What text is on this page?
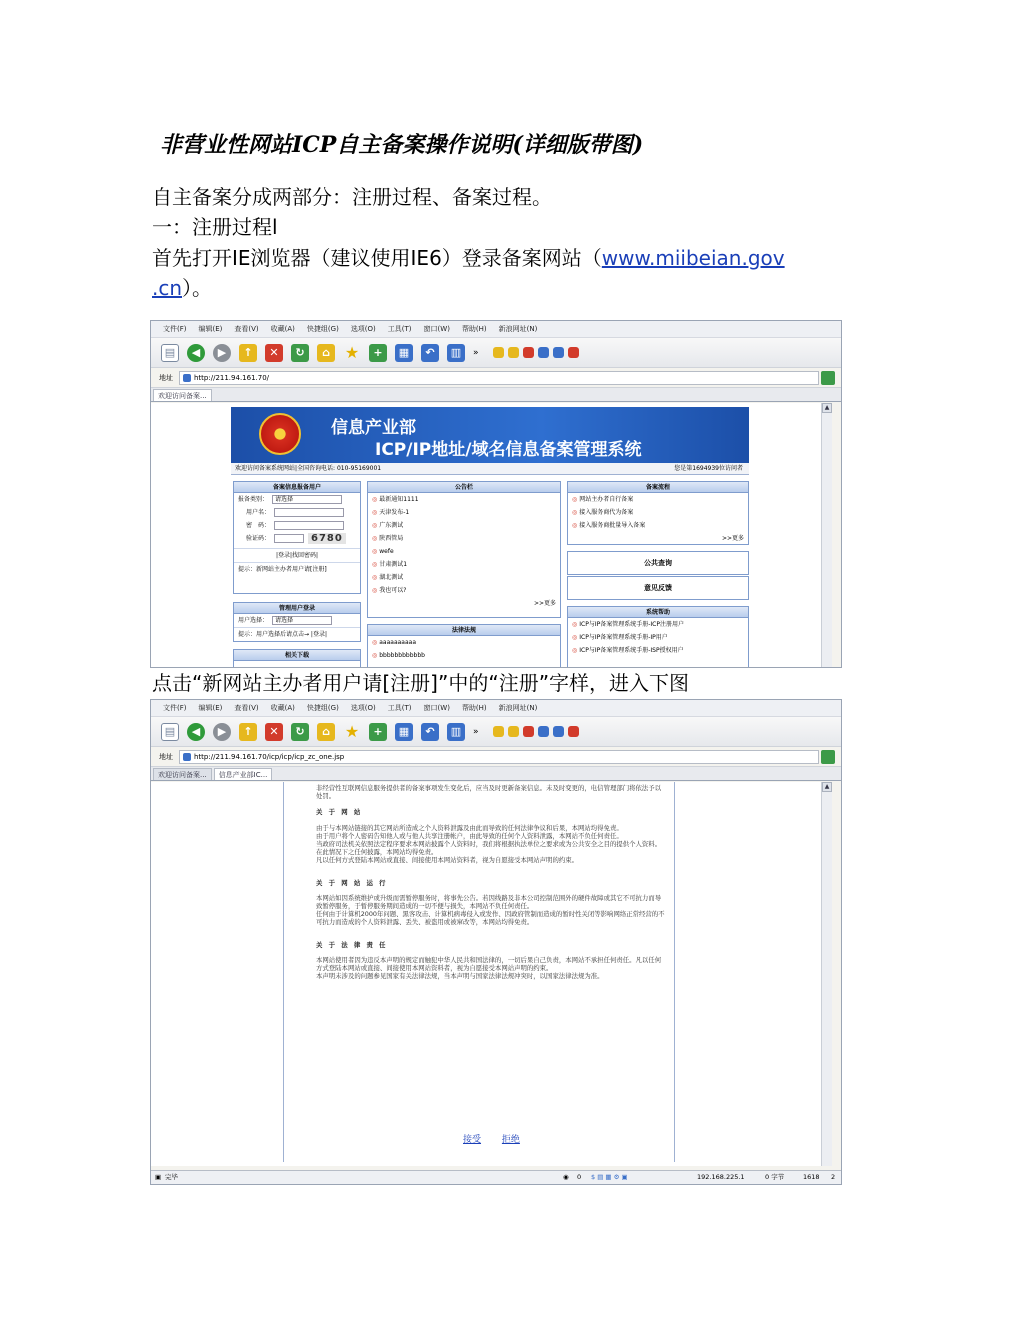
非营业性网站ICP自主备案操作说明(详细版带图)
自主备案分成两部分：注册过程、备案过程。
一：注册过程l
首先打开IE浏览器（建议使用IE6）登录备案网站（www.miibeian.gov
.cn）。
文件(F) 编辑(E) 查看(V) 收藏(A) 快捷组(G) 选项(O) 工具(T) 窗口(W) 帮助(H) 新浪网址(N)
▤	◀	▶	↑	✕	↻	⌂ ★	+	▦	↶	▥	»
地址	http://211.94.161.70/
欢迎访问备案...
信息产业部
ICP/IP地址/域名信息备案管理系统
欢迎访问备案系统网站|全国咨询电话: 010-95169001	您是第1694939位访问者
备案信息报备用户
报备类别： 请选择
用户名：
密　码：
验证码：	6780
|登录|找回密码|
提示：新网站主办者用户请[注册]
管理用户登录
用户选择： 请选择
提示：用户选择后请点击→ |登录|
相关下载
公告栏
◎ 最新通知1111
◎ 天津发布-1
◎ 广东测试
◎ 陕西管局
◎ wefe
◎ 甘肃测试1
◎ 湖北测试
◎ 我也可以?
>>更多
法律法规
◎ aaaaaaaaaa
◎ bbbbbbbbbbbb
备案流程
◎ 网站主办者自行备案
◎ 接入服务商代为备案
◎ 接入服务商批量导入备案
>>更多
公共查询
意见反馈
系统帮助
◎ ICP与IP备案管理系统手册-ICP注册用户
◎ ICP与IP备案管理系统手册-IP用户
◎ ICP与IP备案管理系统手册-ISP授权用户
▲
点击“新网站主办者用户请[注册]”中的“注册”字样，进入下图
文件(F) 编辑(E) 查看(V) 收藏(A) 快捷组(G) 选项(O) 工具(T) 窗口(W) 帮助(H) 新浪网址(N)
▤	◀	▶	↑	✕	↻	⌂ ★	+	▦	↶	▥	»
地址	http://211.94.161.70/icp/icp/icp_zc_one.jsp
欢迎访问备案...	信息产业部IC...

非经营性互联网信息服务提供者的备案事项发生变化后，应当及时更新备案信息。未及时变更的，电信管理部门将依法予以处罚。

关 于 网 站

由于与本网站链接的其它网站所造成之个人资料泄露及由此而导致的任何法律争议和后果，本网站均得免责。

由于用户将个人密码告知他人或与他人共享注册帐户，由此导致的任何个人资料泄露，本网站不负任何责任。

当政府司法机关依照法定程序要求本网站披露个人资料时，我们将根据执法单位之要求或为公共安全之目的提供个人资料。在此情况下之任何披露，本网站均得免责。

凡以任何方式登陆本网站或直接、间接使用本网站资料者，视为自愿接受本网站声明的约束。

关 于 网 站 运 行

本网站如因系统维护或升级而需暂停服务时，将事先公告。若因线路及非本公司控制范围外的硬件故障或其它不可抗力而导致暂停服务，于暂停服务期间造成的一切不便与损失，本网站不负任何责任。

任何由于计算机2000年问题、黑客攻击、计算机病毒侵入或发作、因政府管制而造成的暂时性关闭等影响网络正常经营的不可抗力而造成的个人资料泄露、丢失、被盗用或被窜改等，本网站均得免责。

关 于 法 律 责 任

本网站使用者因为违反本声明的规定而触犯中华人民共和国法律的，一切后果自己负责，本网站不承担任何责任。凡以任何方式登陆本网站或直接、间接使用本网站资料者，视为自愿接受本网站声明的约束。

本声明未涉及的问题参见国家有关法律法规，当本声明与国家法律法规冲突时，以国家法律法规为准。

接受 拒绝
▲
▣ 完毕	◉ 0 $ ▤ ▦ ⚙ ▣	192.168.225.1	0 字节	1618 2
